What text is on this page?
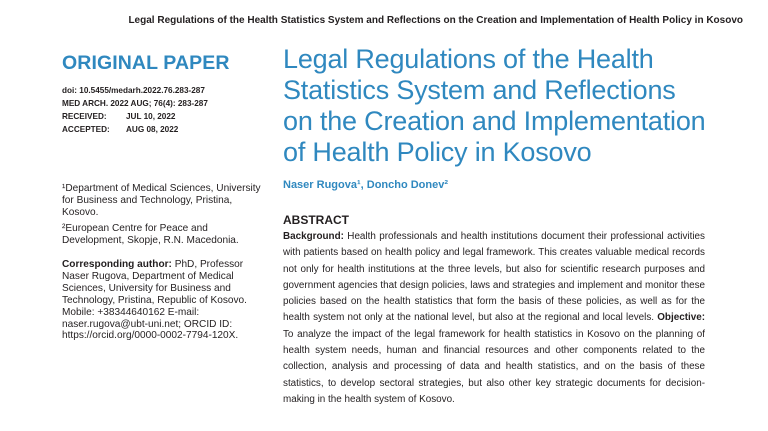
Legal Regulations of the Health Statistics System and Reflections on the Creation and Implementation of Health Policy in Kosovo
ORIGINAL PAPER
doi: 10.5455/medarh.2022.76.283-287
MED ARCH. 2022 AUG; 76(4): 283-287
RECEIVED:	JUL 10, 2022
ACCEPTED:	AUG 08, 2022
¹Department of Medical Sciences, University for Business and Technology, Pristina, Kosovo.
²European Centre for Peace and Development, Skopje, R.N. Macedonia.
Corresponding author: PhD, Professor Naser Rugova, Department of Medical Sciences, University for Business and Technology, Pristina, Republic of Kosovo. Mobile: +38344640162 E-mail: naser.rugova@ubt-uni.net; ORCID ID: https://orcid.org/0000-0002-7794-120X.
Legal Regulations of the Health
Statistics System and Reflections
on the Creation and Implementation
of Health Policy in Kosovo
Naser Rugova¹, Doncho Donev²
ABSTRACT
Background: Health professionals and health institutions document their professional activities with patients based on health policy and legal framework. This creates valuable medical records not only for health institutions at the three levels, but also for scientific research purposes and government agencies that design policies, laws and strategies and implement and monitor these policies based on the health statistics that form the basis of these policies, as well as for the health system not only at the national level, but also at the regional and local levels. Objective: To analyze the impact of the legal framework for health statistics in Kosovo on the planning of health system needs, human and financial resources and other components related to the collection, analysis and processing of data and health statistics, and on the basis of these statistics, to develop sectoral strategies, but also other key strategic documents for decision-making in the health system of Kosovo.
